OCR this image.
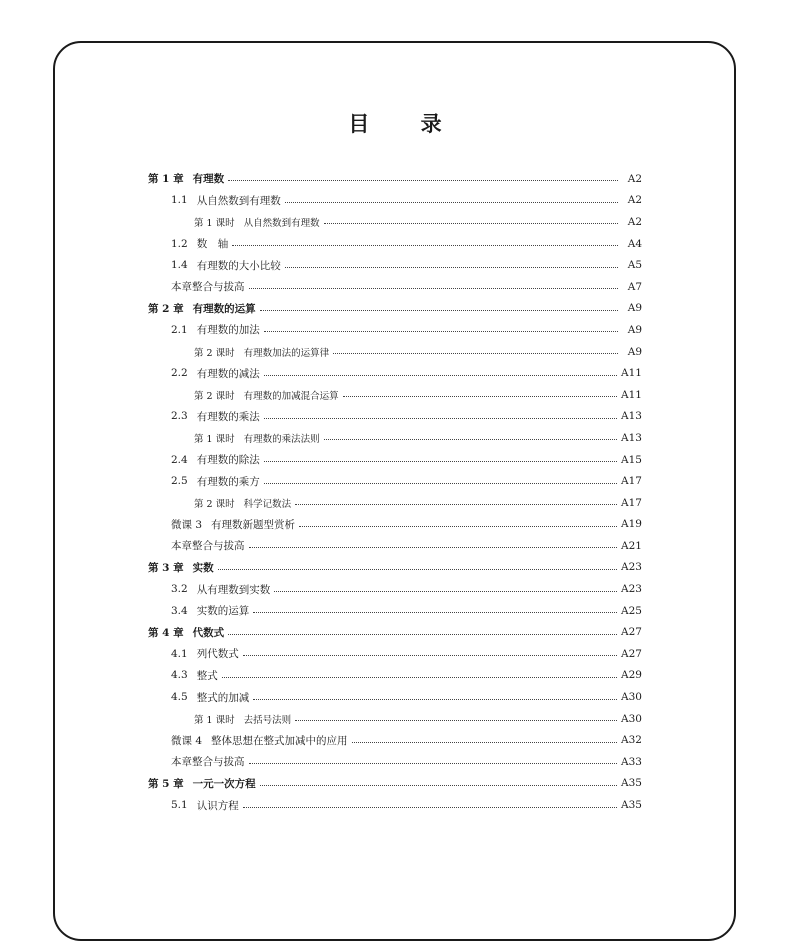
目 录
第 1 章 有理数	A2
1.1 从自然数到有理数	A2
第 1 课时 从自然数到有理数	A2
1.2 数　轴	A4
1.4 有理数的大小比较	A5
本章整合与拔高	A7
第 2 章 有理数的运算	A9
2.1 有理数的加法	A9
第 2 课时 有理数加法的运算律	A9
2.2 有理数的减法	A11
第 2 课时 有理数的加减混合运算	A11
2.3 有理数的乘法	A13
第 1 课时 有理数的乘法法则	A13
2.4 有理数的除法	A15
2.5 有理数的乘方	A17
第 2 课时 科学记数法	A17
微课 3 有理数新题型赏析	A19
本章整合与拔高	A21
第 3 章 实数	A23
3.2 从有理数到实数	A23
3.4 实数的运算	A25
第 4 章 代数式	A27
4.1 列代数式	A27
4.3 整式	A29
4.5 整式的加减	A30
第 1 课时 去括号法则	A30
微课 4 整体思想在整式加减中的应用	A32
本章整合与拔高	A33
第 5 章 一元一次方程	A35
5.1 认识方程	A35
